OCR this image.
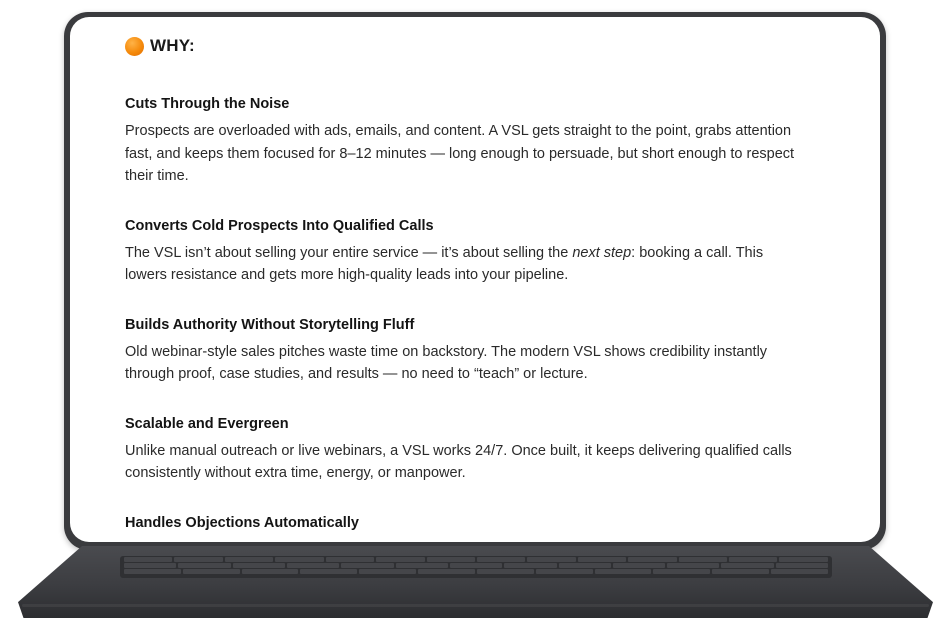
WHY:
Cuts Through the Noise
Prospects are overloaded with ads, emails, and content. A VSL gets straight to the point, grabs attention fast, and keeps them focused for 8–12 minutes — long enough to persuade, but short enough to respect their time.
Converts Cold Prospects Into Qualified Calls
The VSL isn’t about selling your entire service — it’s about selling the next step: booking a call. This lowers resistance and gets more high-quality leads into your pipeline.
Builds Authority Without Storytelling Fluff
Old webinar-style sales pitches waste time on backstory. The modern VSL shows credibility instantly through proof, case studies, and results — no need to “teach” or lecture.
Scalable and Evergreen
Unlike manual outreach or live webinars, a VSL works 24/7. Once built, it keeps delivering qualified calls consistently without extra time, energy, or manpower.
Handles Objections Automatically
